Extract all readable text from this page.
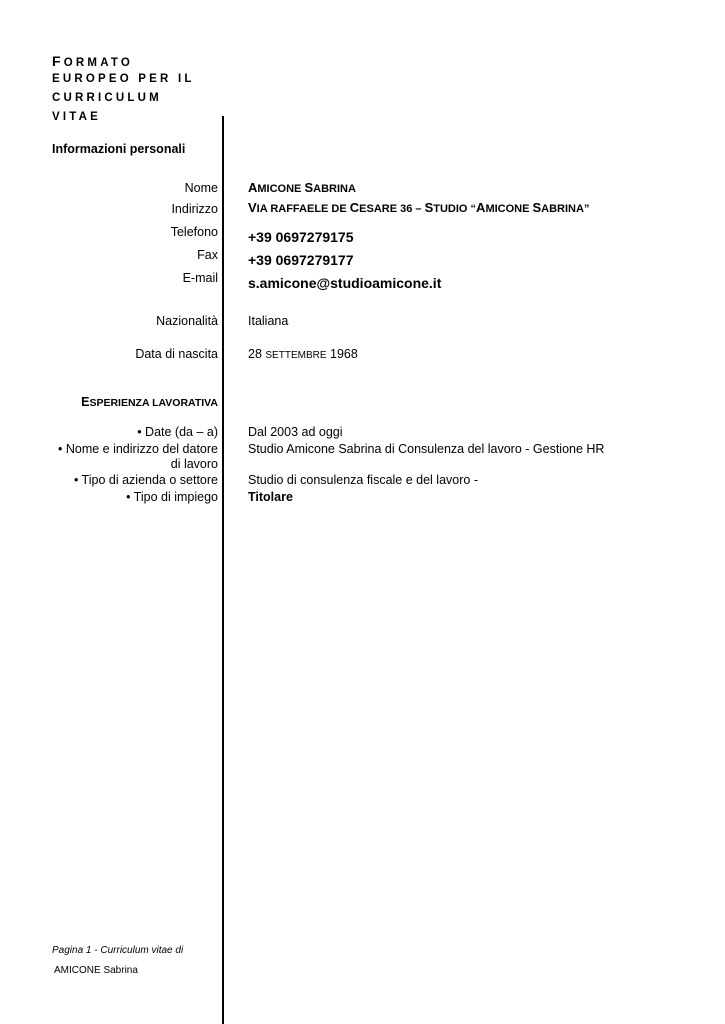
FORMATO
EUROPEO PER IL
CURRICULUM
VITAE
Informazioni personali
Nome AMICONE SABRINA
Indirizzo VIA RAFFAELE DE CESARE 36 – STUDIO “AMICONE SABRINA”
Telefono +39 0697279175
Fax +39 0697279177
E-mail s.amicone@studioamicone.it
Nazionalità Italiana
Data di nascita 28 SETTEMBRE 1968
ESPERIENZA LAVORATIVA
• Date (da – a) Dal 2003 ad oggi
• Nome e indirizzo del datore
di lavoro
Studio Amicone Sabrina di Consulenza del lavoro - Gestione HR
• Tipo di azienda o settore Studio di consulenza fiscale e del lavoro -
• Tipo di impiego Titolare
Pagina 1 - Curriculum vitae di
AMICONE Sabrina
